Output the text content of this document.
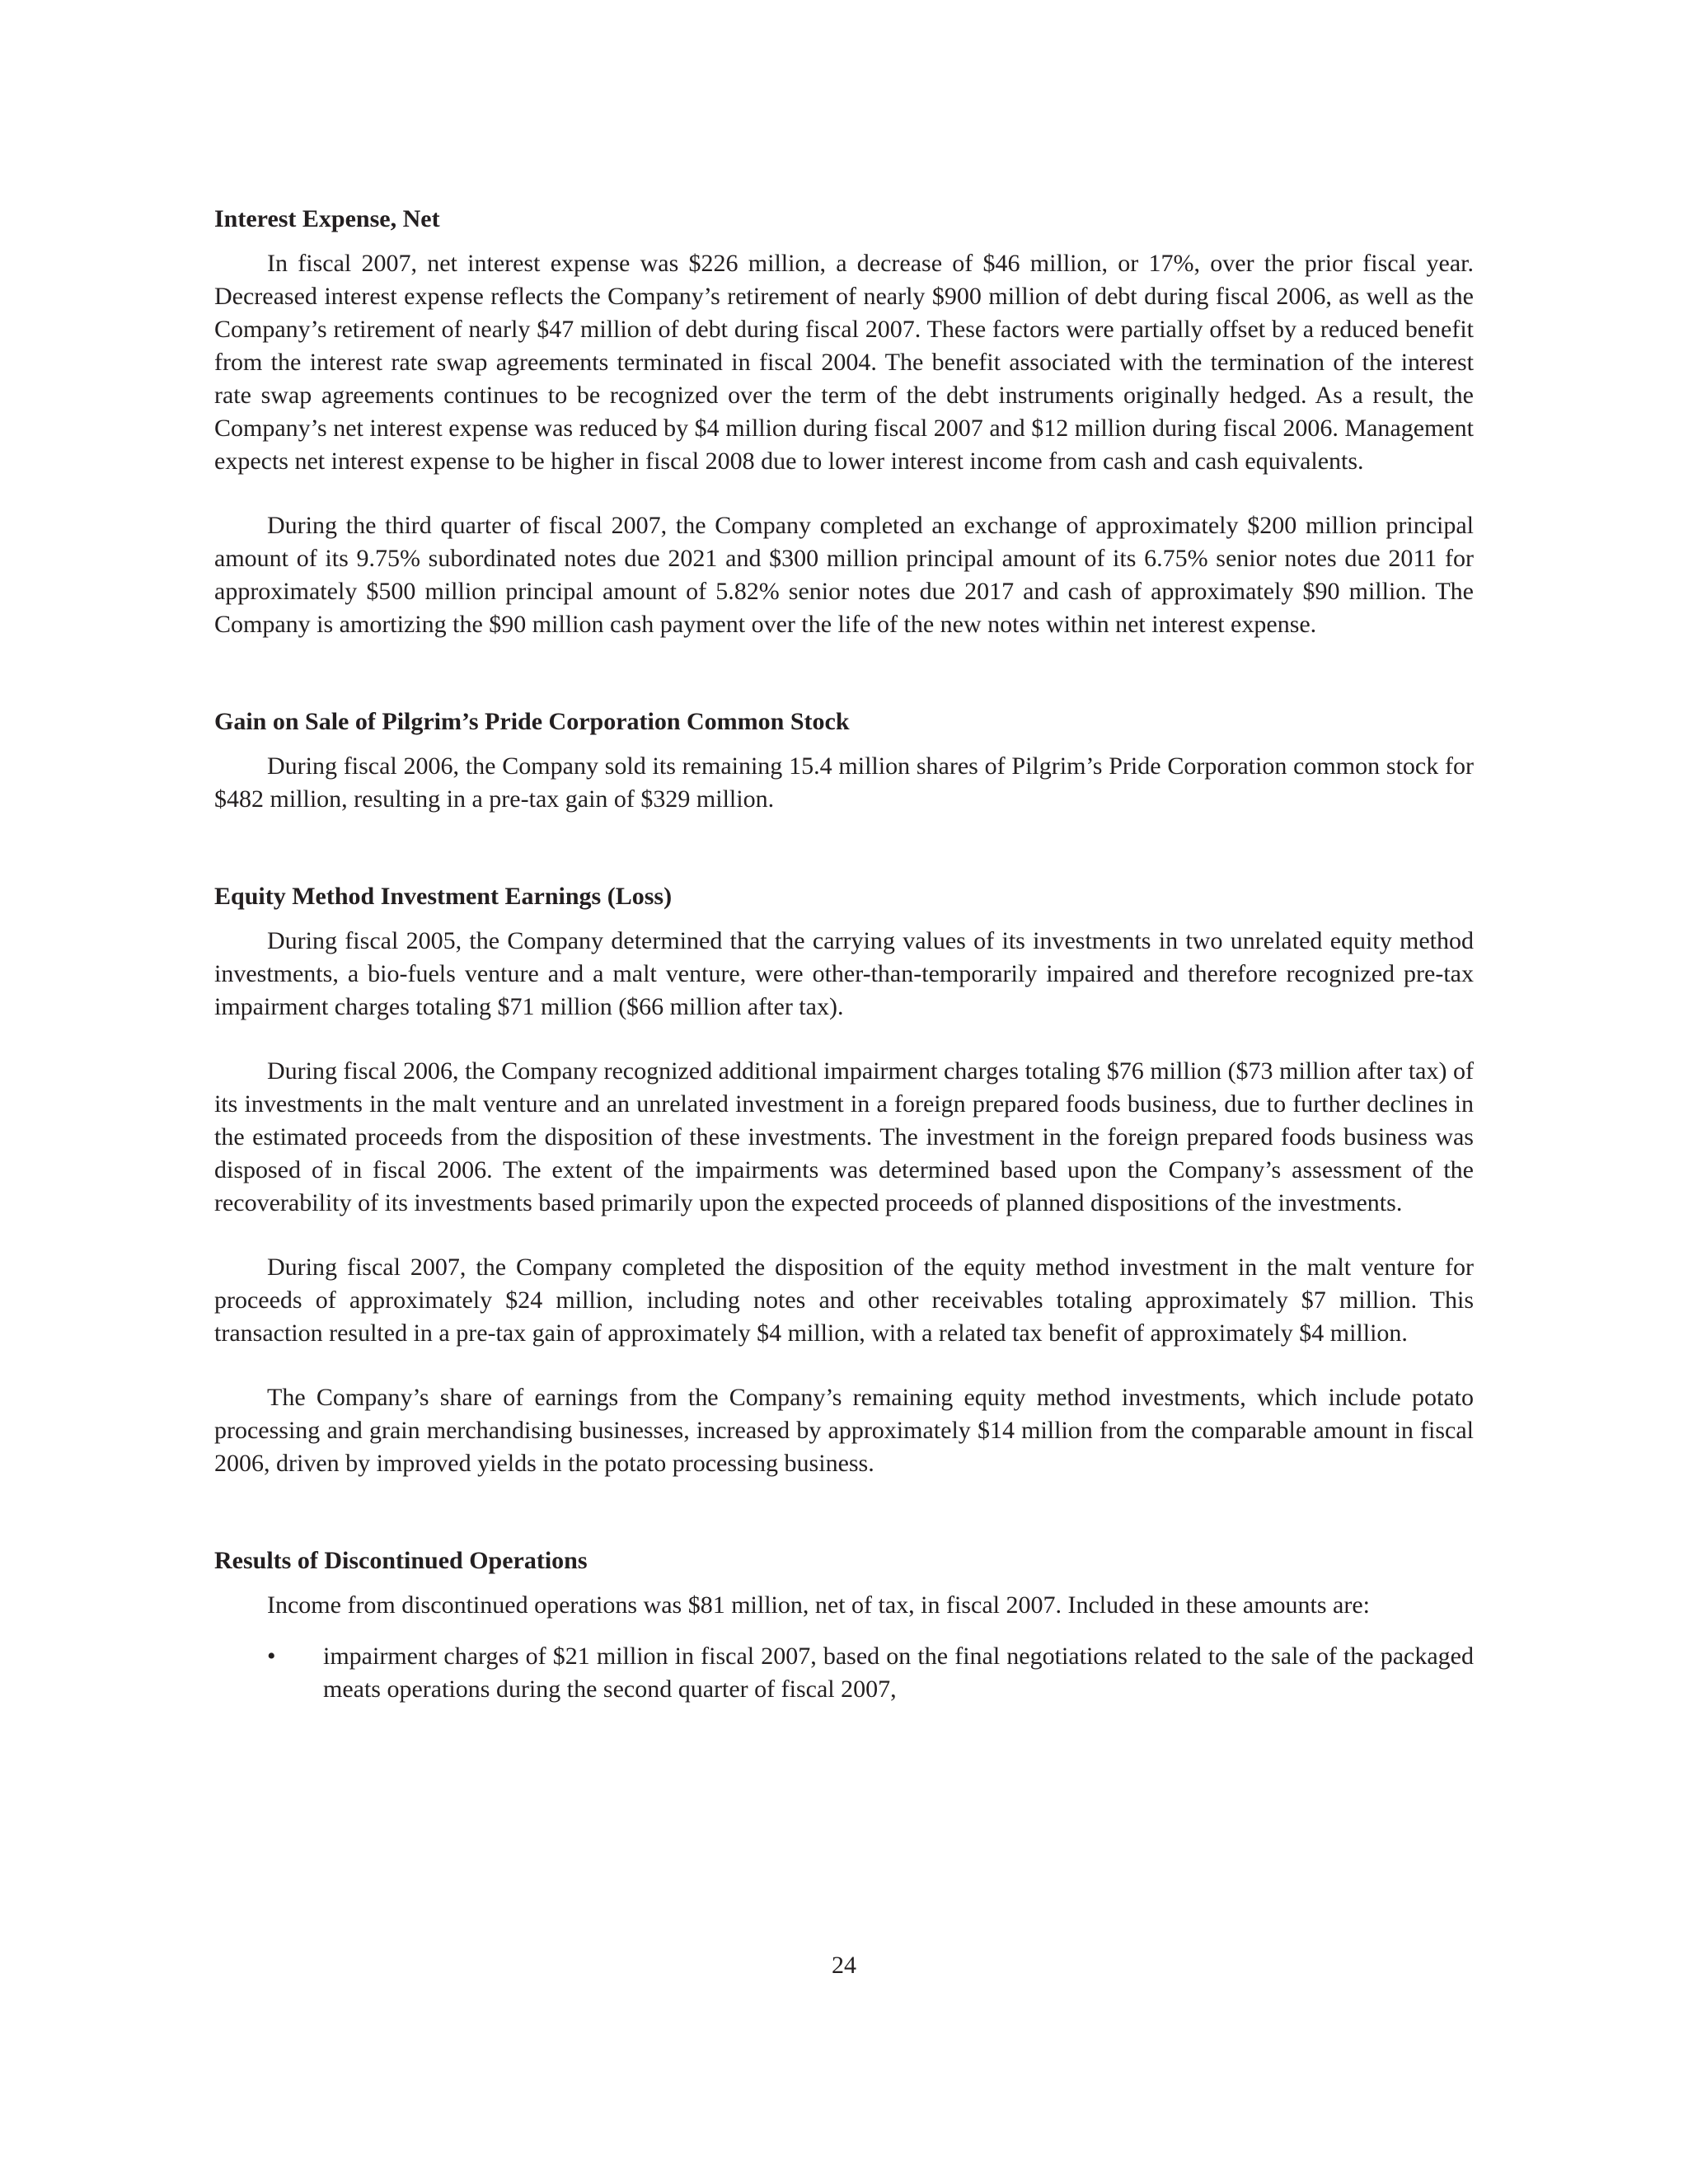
Interest Expense, Net

In fiscal 2007, net interest expense was $226 million, a decrease of $46 million, or 17%, over the prior fiscal year. Decreased interest expense reflects the Company’s retirement of nearly $900 million of debt during fiscal 2006, as well as the Company’s retirement of nearly $47 million of debt during fiscal 2007. These factors were partially offset by a reduced benefit from the interest rate swap agreements terminated in fiscal 2004. The benefit associated with the termination of the interest rate swap agreements continues to be recognized over the term of the debt instruments originally hedged. As a result, the Company’s net interest expense was reduced by $4 million during fiscal 2007 and $12 million during fiscal 2006. Management expects net interest expense to be higher in fiscal 2008 due to lower interest income from cash and cash equivalents.

During the third quarter of fiscal 2007, the Company completed an exchange of approximately $200 million principal amount of its 9.75% subordinated notes due 2021 and $300 million principal amount of its 6.75% senior notes due 2011 for approximately $500 million principal amount of 5.82% senior notes due 2017 and cash of approximately $90 million. The Company is amortizing the $90 million cash payment over the life of the new notes within net interest expense.

Gain on Sale of Pilgrim’s Pride Corporation Common Stock

During fiscal 2006, the Company sold its remaining 15.4 million shares of Pilgrim’s Pride Corporation common stock for $482 million, resulting in a pre-tax gain of $329 million.

Equity Method Investment Earnings (Loss)

During fiscal 2005, the Company determined that the carrying values of its investments in two unrelated equity method investments, a bio-fuels venture and a malt venture, were other-than-temporarily impaired and therefore recognized pre-tax impairment charges totaling $71 million ($66 million after tax).

During fiscal 2006, the Company recognized additional impairment charges totaling $76 million ($73 million after tax) of its investments in the malt venture and an unrelated investment in a foreign prepared foods business, due to further declines in the estimated proceeds from the disposition of these investments. The investment in the foreign prepared foods business was disposed of in fiscal 2006. The extent of the impairments was determined based upon the Company’s assessment of the recoverability of its investments based primarily upon the expected proceeds of planned dispositions of the investments.

During fiscal 2007, the Company completed the disposition of the equity method investment in the malt venture for proceeds of approximately $24 million, including notes and other receivables totaling approximately $7 million. This transaction resulted in a pre-tax gain of approximately $4 million, with a related tax benefit of approximately $4 million.

The Company’s share of earnings from the Company’s remaining equity method investments, which include potato processing and grain merchandising businesses, increased by approximately $14 million from the comparable amount in fiscal 2006, driven by improved yields in the potato processing business.

Results of Discontinued Operations

Income from discontinued operations was $81 million, net of tax, in fiscal 2007. Included in these amounts are:

• impairment charges of $21 million in fiscal 2007, based on the final negotiations related to the sale of the packaged meats operations during the second quarter of fiscal 2007,
24
